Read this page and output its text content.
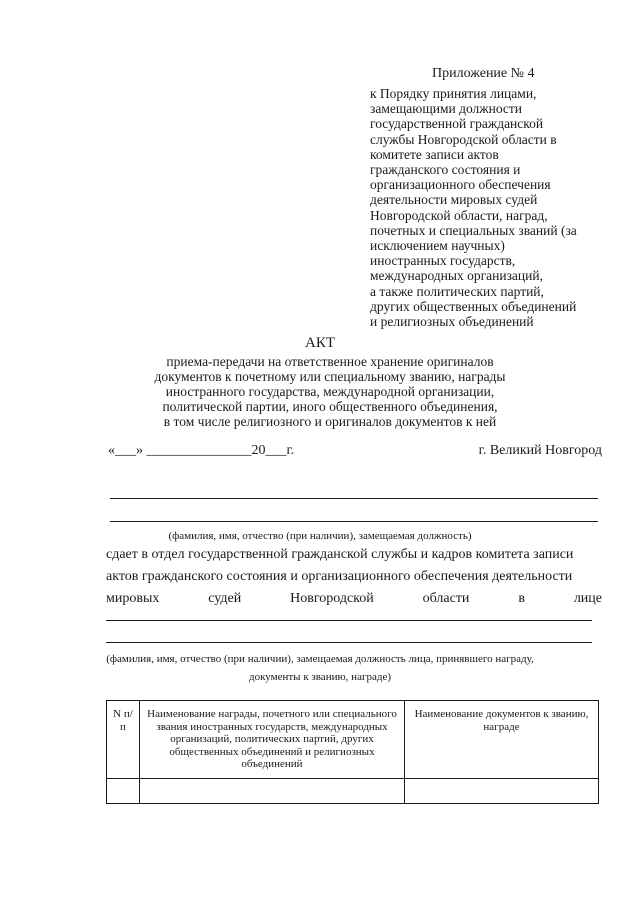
Приложение № 4
к Порядку принятия лицами,
замещающими должности
государственной гражданской
службы Новгородской области в
комитете записи актов
гражданского состояния и
организационного обеспечения
деятельности мировых судей
Новгородской области, наград,
почетных и специальных званий (за
исключением научных)
иностранных государств,
международных организаций,
а также политических партий,
других общественных объединений
и религиозных объединений
АКТ
приема-передачи на ответственное хранение оригиналов
документов к почетному или специальному званию, награды
иностранного государства, международной организации,
политической партии, иного общественного объединения,
в том числе религиозного и оригиналов документов к ней
«___» _______________20___г.	г. Великий Новгород
(фамилия, имя, отчество (при наличии), замещаемая должность)
сдает в отдел государственной гражданской службы и кадров комитета записи
актов гражданского состояния и организационного обеспечения деятельности
мировых	судей	Новгородской	области	в	лице
(фамилия, имя, отчество (при наличии), замещаемая должность лица, принявшего награду,
документы к званию, награде)
N п/п	Наименование награды, почетного или специального звания иностранных государств, международных организаций, политических партий, других общественных объединений и религиозных объединений	Наименование документов к званию, награде
